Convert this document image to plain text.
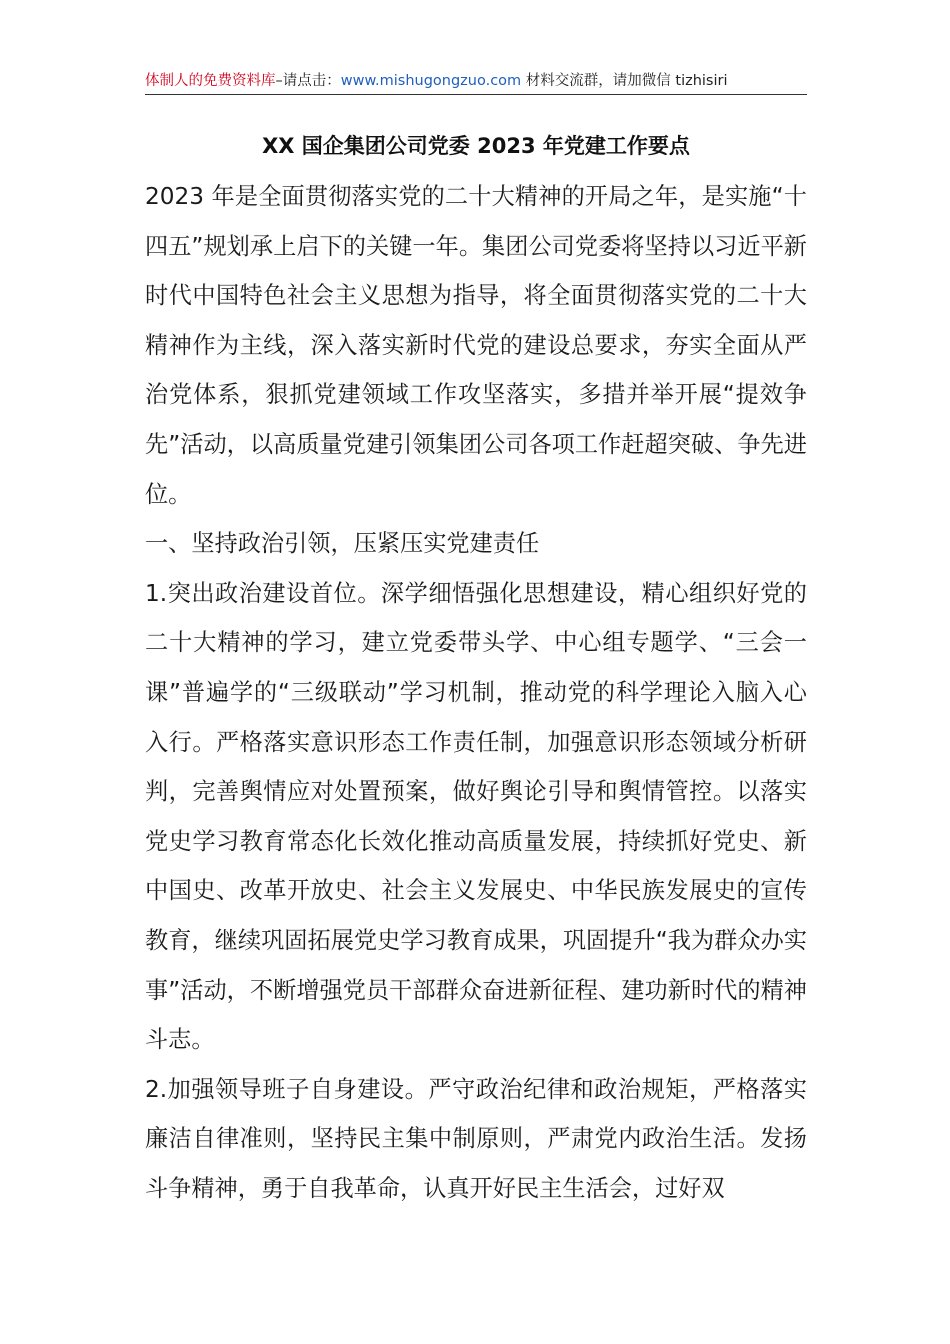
体制人的免费资料库–请点击：www.mishugongzuo.com 材料交流群，请加微信 tizhisiri
XX 国企集团公司党委 2023 年党建工作要点

2023 年是全面贯彻落实党的二十大精神的开局之年，是实施“十四五”规划承上启下的关键一年。集团公司党委将坚持以习近平新时代中国特色社会主义思想为指导，将全面贯彻落实党的二十大精神作为主线，深入落实新时代党的建设总要求，夯实全面从严治党体系，狠抓党建领域工作攻坚落实，多措并举开展“提效争先”活动，以高质量党建引领集团公司各项工作赶超突破、争先进位。

一、坚持政治引领，压紧压实党建责任

1.突出政治建设首位。深学细悟强化思想建设，精心组织好党的二十大精神的学习，建立党委带头学、中心组专题学、“三会一课”普遍学的“三级联动”学习机制，推动党的科学理论入脑入心入行。严格落实意识形态工作责任制，加强意识形态领域分析研判，完善舆情应对处置预案，做好舆论引导和舆情管控。以落实党史学习教育常态化长效化推动高质量发展，持续抓好党史、新中国史、改革开放史、社会主义发展史、中华民族发展史的宣传教育，继续巩固拓展党史学习教育成果，巩固提升“我为群众办实事”活动，不断增强党员干部群众奋进新征程、建功新时代的精神斗志。

2.加强领导班子自身建设。严守政治纪律和政治规矩，严格落实廉洁自律准则，坚持民主集中制原则，严肃党内政治生活。发扬斗争精神，勇于自我革命，认真开好民主生活会，过好双
